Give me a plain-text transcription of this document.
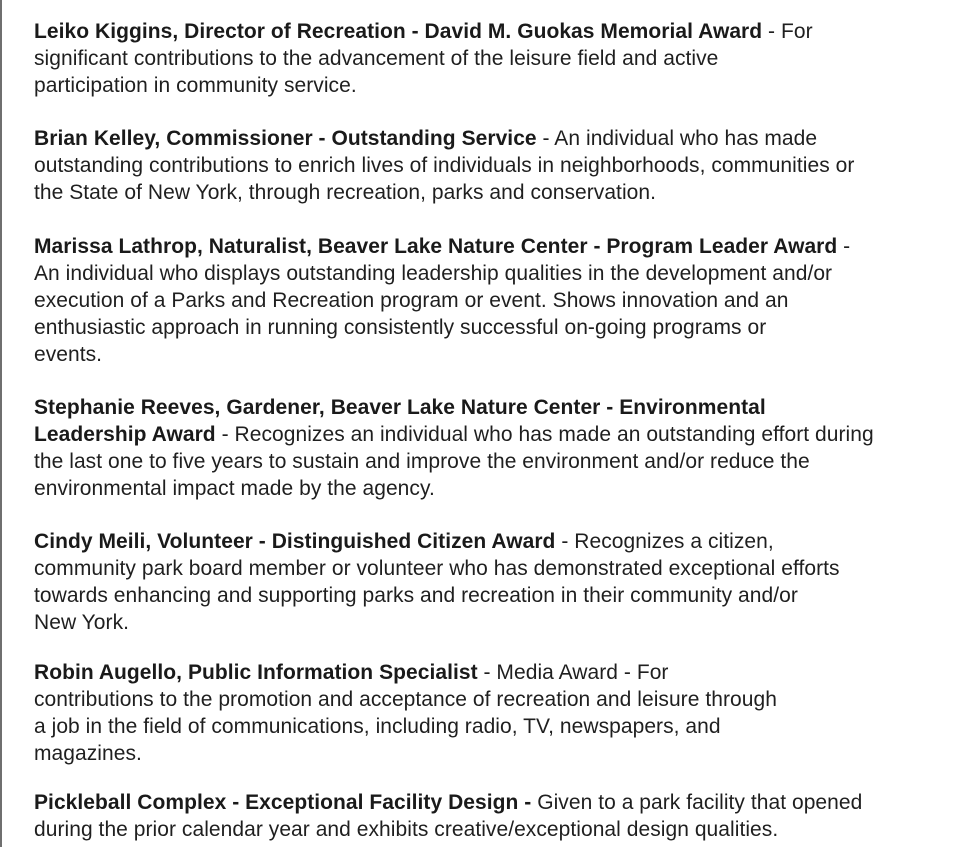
Leiko Kiggins, Director of Recreation - David M. Guokas Memorial Award - For
significant contributions to the advancement of the leisure field and active
participation in community service.

Brian Kelley, Commissioner - Outstanding Service - An individual who has made
outstanding contributions to enrich lives of individuals in neighborhoods, communities or
the State of New York, through recreation, parks and conservation.

Marissa Lathrop, Naturalist, Beaver Lake Nature Center - Program Leader Award -
An individual who displays outstanding leadership qualities in the development and/or
execution of a Parks and Recreation program or event. Shows innovation and an
enthusiastic approach in running consistently successful on-going programs or
events.

Stephanie Reeves, Gardener, Beaver Lake Nature Center - Environmental
Leadership Award - Recognizes an individual who has made an outstanding effort during
the last one to five years to sustain and improve the environment and/or reduce the
environmental impact made by the agency.

Cindy Meili, Volunteer - Distinguished Citizen Award - Recognizes a citizen,
community park board member or volunteer who has demonstrated exceptional efforts
towards enhancing and supporting parks and recreation in their community and/or
New York.

Robin Augello, Public Information Specialist - Media Award - For
contributions to the promotion and acceptance of recreation and leisure through
a job in the field of communications, including radio, TV, newspapers, and
magazines.

Pickleball Complex - Exceptional Facility Design - Given to a park facility that opened
during the prior calendar year and exhibits creative/exceptional design qualities.
